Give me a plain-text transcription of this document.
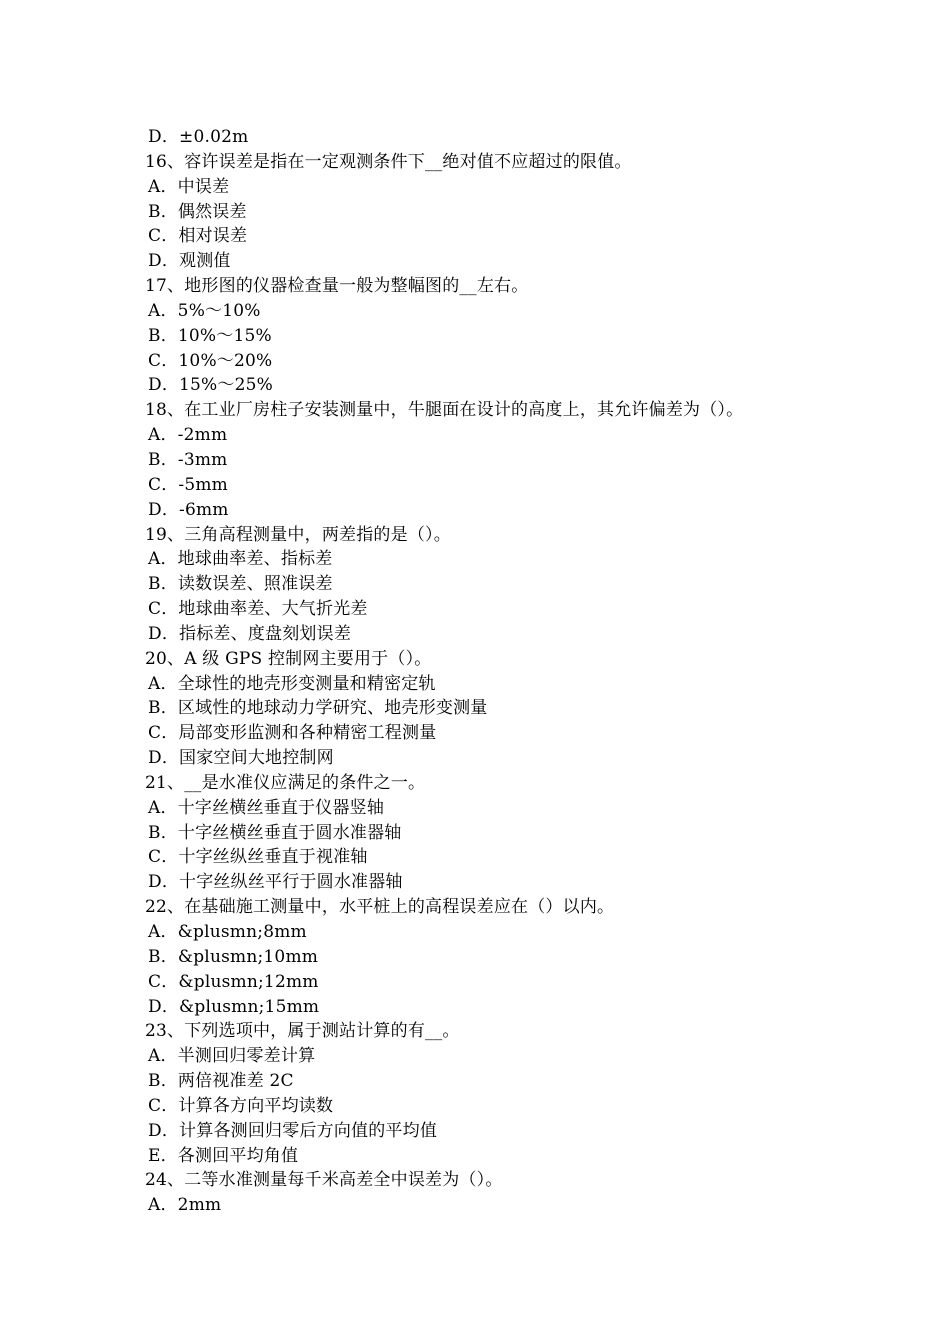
D．±0.02m
16、容许误差是指在一定观测条件下__绝对值不应超过的限值。
A．中误差
B．偶然误差
C．相对误差
D．观测值
17、地形图的仪器检查量一般为整幅图的__左右。
A．5%～10%
B．10%～15%
C．10%～20%
D．15%～25%
18、在工业厂房柱子安装测量中，牛腿面在设计的高度上，其允许偏差为（）。
A．-2mm
B．-3mm
C．-5mm
D．-6mm
19、三角高程测量中，两差指的是（）。
A．地球曲率差、指标差
B．读数误差、照准误差
C．地球曲率差、大气折光差
D．指标差、度盘刻划误差
20、A 级 GPS 控制网主要用于（）。
A．全球性的地壳形变测量和精密定轨
B．区域性的地球动力学研究、地壳形变测量
C．局部变形监测和各种精密工程测量
D．国家空间大地控制网
21、__是水准仪应满足的条件之一。
A．十字丝横丝垂直于仪器竖轴
B．十字丝横丝垂直于圆水准器轴
C．十字丝纵丝垂直于视准轴
D．十字丝纵丝平行于圆水准器轴
22、在基础施工测量中，水平桩上的高程误差应在（）以内。
A．&plusmn;8mm
B．&plusmn;10mm
C．&plusmn;12mm
D．&plusmn;15mm
23、下列选项中，属于测站计算的有__。
A．半测回归零差计算
B．两倍视准差 2C
C．计算各方向平均读数
D．计算各测回归零后方向值的平均值
E．各测回平均角值
24、二等水准测量每千米高差全中误差为（）。
A．2mm
